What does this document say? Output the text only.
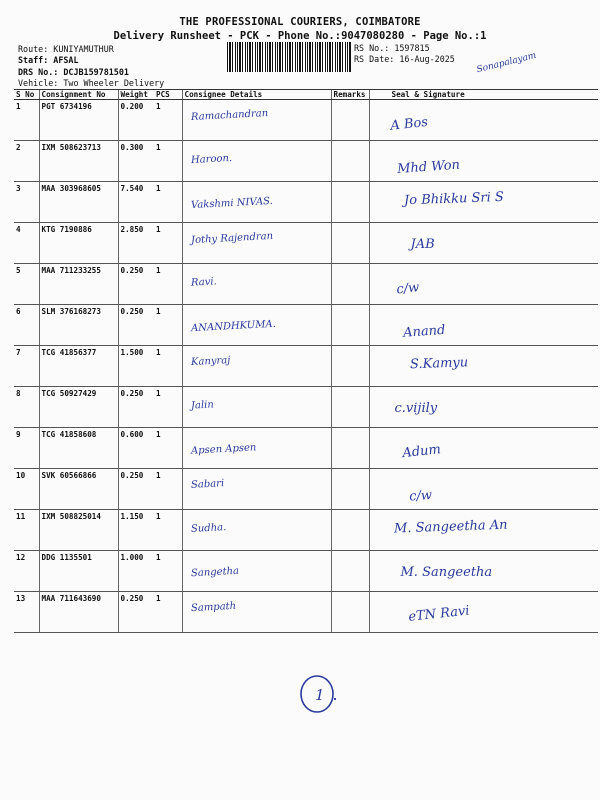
THE PROFESSIONAL COURIERS, COIMBATORE
Delivery Runsheet - PCK - Phone No.:9047080280 - Page No.:1
Route: KUNIYAMUTHUR
Staff: AFSAL
DRS No.: DCJB159781501
Vehicle: Two Wheeler Delivery
RS No.: 1597815
RS Date: 16-Aug-2025 Sonapalayam
S No	Consignment No	Weight	PCS	Consignee Details	Remarks	Seal & Signature
1	PGT 6734196	0.200	1	Ramachandran		A Bos

2	IXM 508623713	0.300	1	Haroon.		Mhd Won

3	MAA 303968605	7.540	1	Vakshmi NIVAS.		Jo Bhikku Sri S

4	KTG 7190886	2.850	1	Jothy Rajendran		JAB

5	MAA 711233255	0.250	1	Ravi.		c/w

6	SLM 376168273	0.250	1	ANANDHKUMA.		Anand

7	TCG 41856377	1.500	1	Kanyraj		S.Kamyu

8	TCG 50927429	0.250	1	Jalin		c.vijily

9	TCG 41858608	0.600	1	Apsen Apsen		Adum

10	SVK 60566866	0.250	1	Sabari		c/w

11	IXM 508825014	1.150	1	Sudha.		M. Sangeetha An

12	DDG 1135501	1.000	1	Sangetha		M. Sangeetha

13	MAA 711643690	0.250	1	Sampath		eTN Ravi
1
